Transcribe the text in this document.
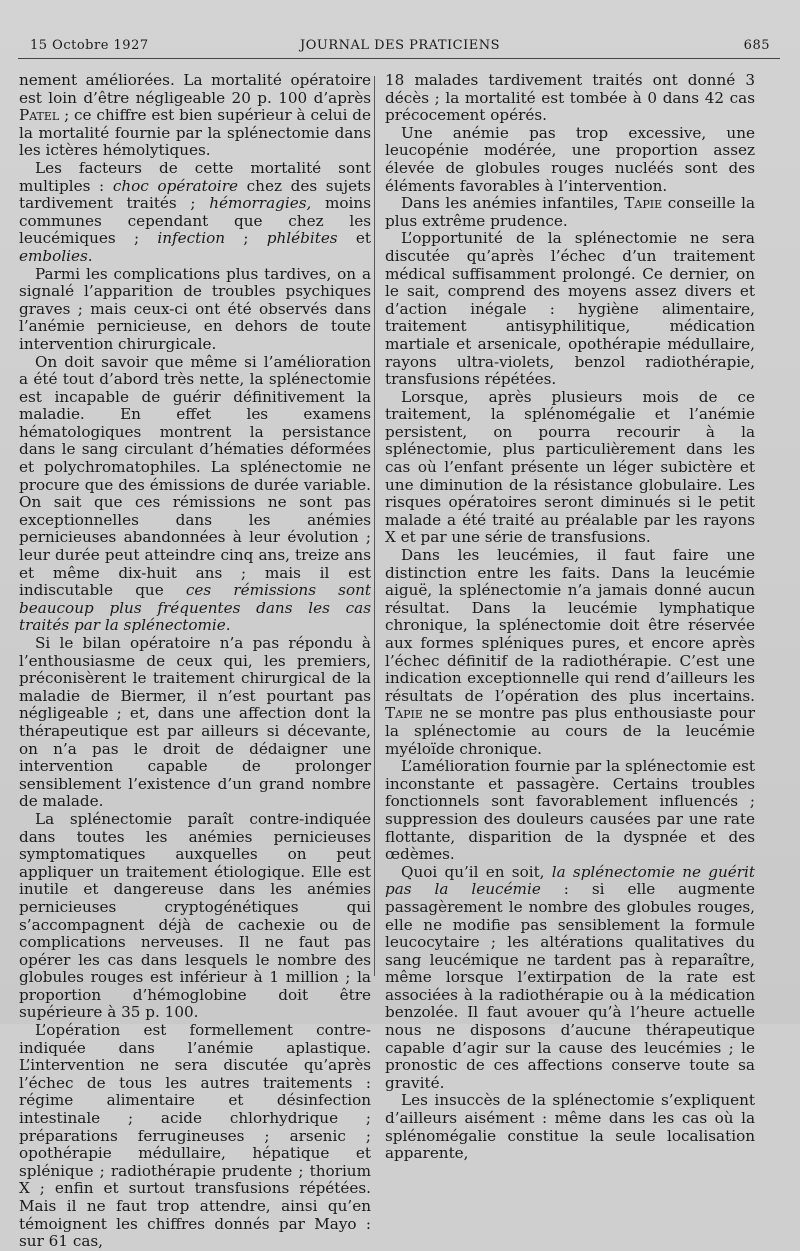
15 Octobre 1927	JOURNAL DES PRATICIENS	685

nement améliorées. La mortalité opératoire est loin d’être négligeable 20 p. 100 d’après Patel ; ce chiffre est bien supérieur à celui de la mortalité fournie par la splénectomie dans les ictères hémolytiques.

Les facteurs de cette mortalité sont multiples : choc opératoire chez des sujets tardivement traités ; hémorragies, moins communes cependant que chez les leucémiques ; infection ; phlébites et embolies.

Parmi les complications plus tardives, on a signalé l’apparition de troubles psychiques graves ; mais ceux-ci ont été observés dans l’anémie pernicieuse, en dehors de toute intervention chirurgicale.

On doit savoir que même si l’amélioration a été tout d’abord très nette, la splénectomie est incapable de guérir définitivement la maladie. En effet les examens hématologiques montrent la persistance dans le sang circulant d’hématies déformées et polychromatophiles. La splénectomie ne procure que des émissions de durée variable. On sait que ces rémissions ne sont pas exceptionnelles dans les anémies pernicieuses abandonnées à leur évolution ; leur durée peut atteindre cinq ans, treize ans et même dix-huit ans ; mais il est indiscutable que ces rémissions sont beaucoup plus fréquentes dans les cas traités par la splénectomie.

Si le bilan opératoire n’a pas répondu à l’enthousiasme de ceux qui, les premiers, préconisèrent le traitement chirurgical de la maladie de Biermer, il n’est pourtant pas négligeable ; et, dans une affection dont la thérapeutique est par ailleurs si décevante, on n’a pas le droit de dédaigner une intervention capable de prolonger sensiblement l’existence d’un grand nombre de malade.

La splénectomie paraît contre-indiquée dans toutes les anémies pernicieuses symptomatiques auxquelles on peut appliquer un traitement étiologique. Elle est inutile et dangereuse dans les anémies pernicieuses cryptogénétiques qui s’accompagnent déjà de cachexie ou de complications nerveuses. Il ne faut pas opérer les cas dans lesquels le nombre des globules rouges est inférieur à 1 million ; la proportion d’hémoglobine doit être supérieure à 35 p. 100.

L’opération est formellement contre-indiquée dans l’anémie aplastique. L’intervention ne sera discutée qu’après l’échec de tous les autres traitements : régime alimentaire et désinfection intestinale ; acide chlorhydrique ; préparations ferrugineuses ; arsenic ; opothérapie médullaire, hépatique et splénique ; radiothérapie prudente ; thorium X ; enfin et surtout transfusions répétées. Mais il ne faut trop attendre, ainsi qu’en témoignent les chiffres donnés par Mayo : sur 61 cas,

18 malades tardivement traités ont donné 3 décès ; la mortalité est tombée à 0 dans 42 cas précocement opérés.

Une anémie pas trop excessive, une leucopénie modérée, une proportion assez élevée de globules rouges nucléés sont des éléments favorables à l’intervention.

Dans les anémies infantiles, Tapie conseille la plus extrême prudence.

L’opportunité de la splénectomie ne sera discutée qu’après l’échec d’un traitement médical suffisamment prolongé. Ce dernier, on le sait, comprend des moyens assez divers et d’action inégale : hygiène alimentaire, traitement antisyphilitique, médication martiale et arsenicale, opothérapie médullaire, rayons ultra-violets, benzol radiothérapie, transfusions répétées.

Lorsque, après plusieurs mois de ce traitement, la splénomégalie et l’anémie persistent, on pourra recourir à la splénectomie, plus particulièrement dans les cas où l’enfant présente un léger subictère et une diminution de la résistance globulaire. Les risques opératoires seront diminués si le petit malade a été traité au préalable par les rayons X et par une série de transfusions.

Dans les leucémies, il faut faire une distinction entre les faits. Dans la leucémie aiguë, la splénectomie n’a jamais donné aucun résultat. Dans la leucémie lymphatique chronique, la splénectomie doit être réservée aux formes spléniques pures, et encore après l’échec définitif de la radiothérapie. C’est une indication exceptionnelle qui rend d’ailleurs les résultats de l’opération des plus incertains. Tapie ne se montre pas plus enthousiaste pour la splénectomie au cours de la leucémie myéloïde chronique.

L’amélioration fournie par la splénectomie est inconstante et passagère. Certains troubles fonctionnels sont favorablement influencés ; suppression des douleurs causées par une rate flottante, disparition de la dyspnée et des œdèmes.

Quoi qu’il en soit, la splénectomie ne guérit pas la leucémie : si elle augmente passagèrement le nombre des globules rouges, elle ne modifie pas sensiblement la formule leucocytaire ; les altérations qualitatives du sang leucémique ne tardent pas à reparaître, même lorsque l’extirpation de la rate est associées à la radiothérapie ou à la médication benzolée. Il faut avouer qu’à l’heure actuelle nous ne disposons d’aucune thérapeutique capable d’agir sur la cause des leucémies ; le pronostic de ces affections conserve toute sa gravité.

Les insuccès de la splénectomie s’expliquent d’ailleurs aisément : même dans les cas où la splénomégalie constitue la seule localisation apparente,
